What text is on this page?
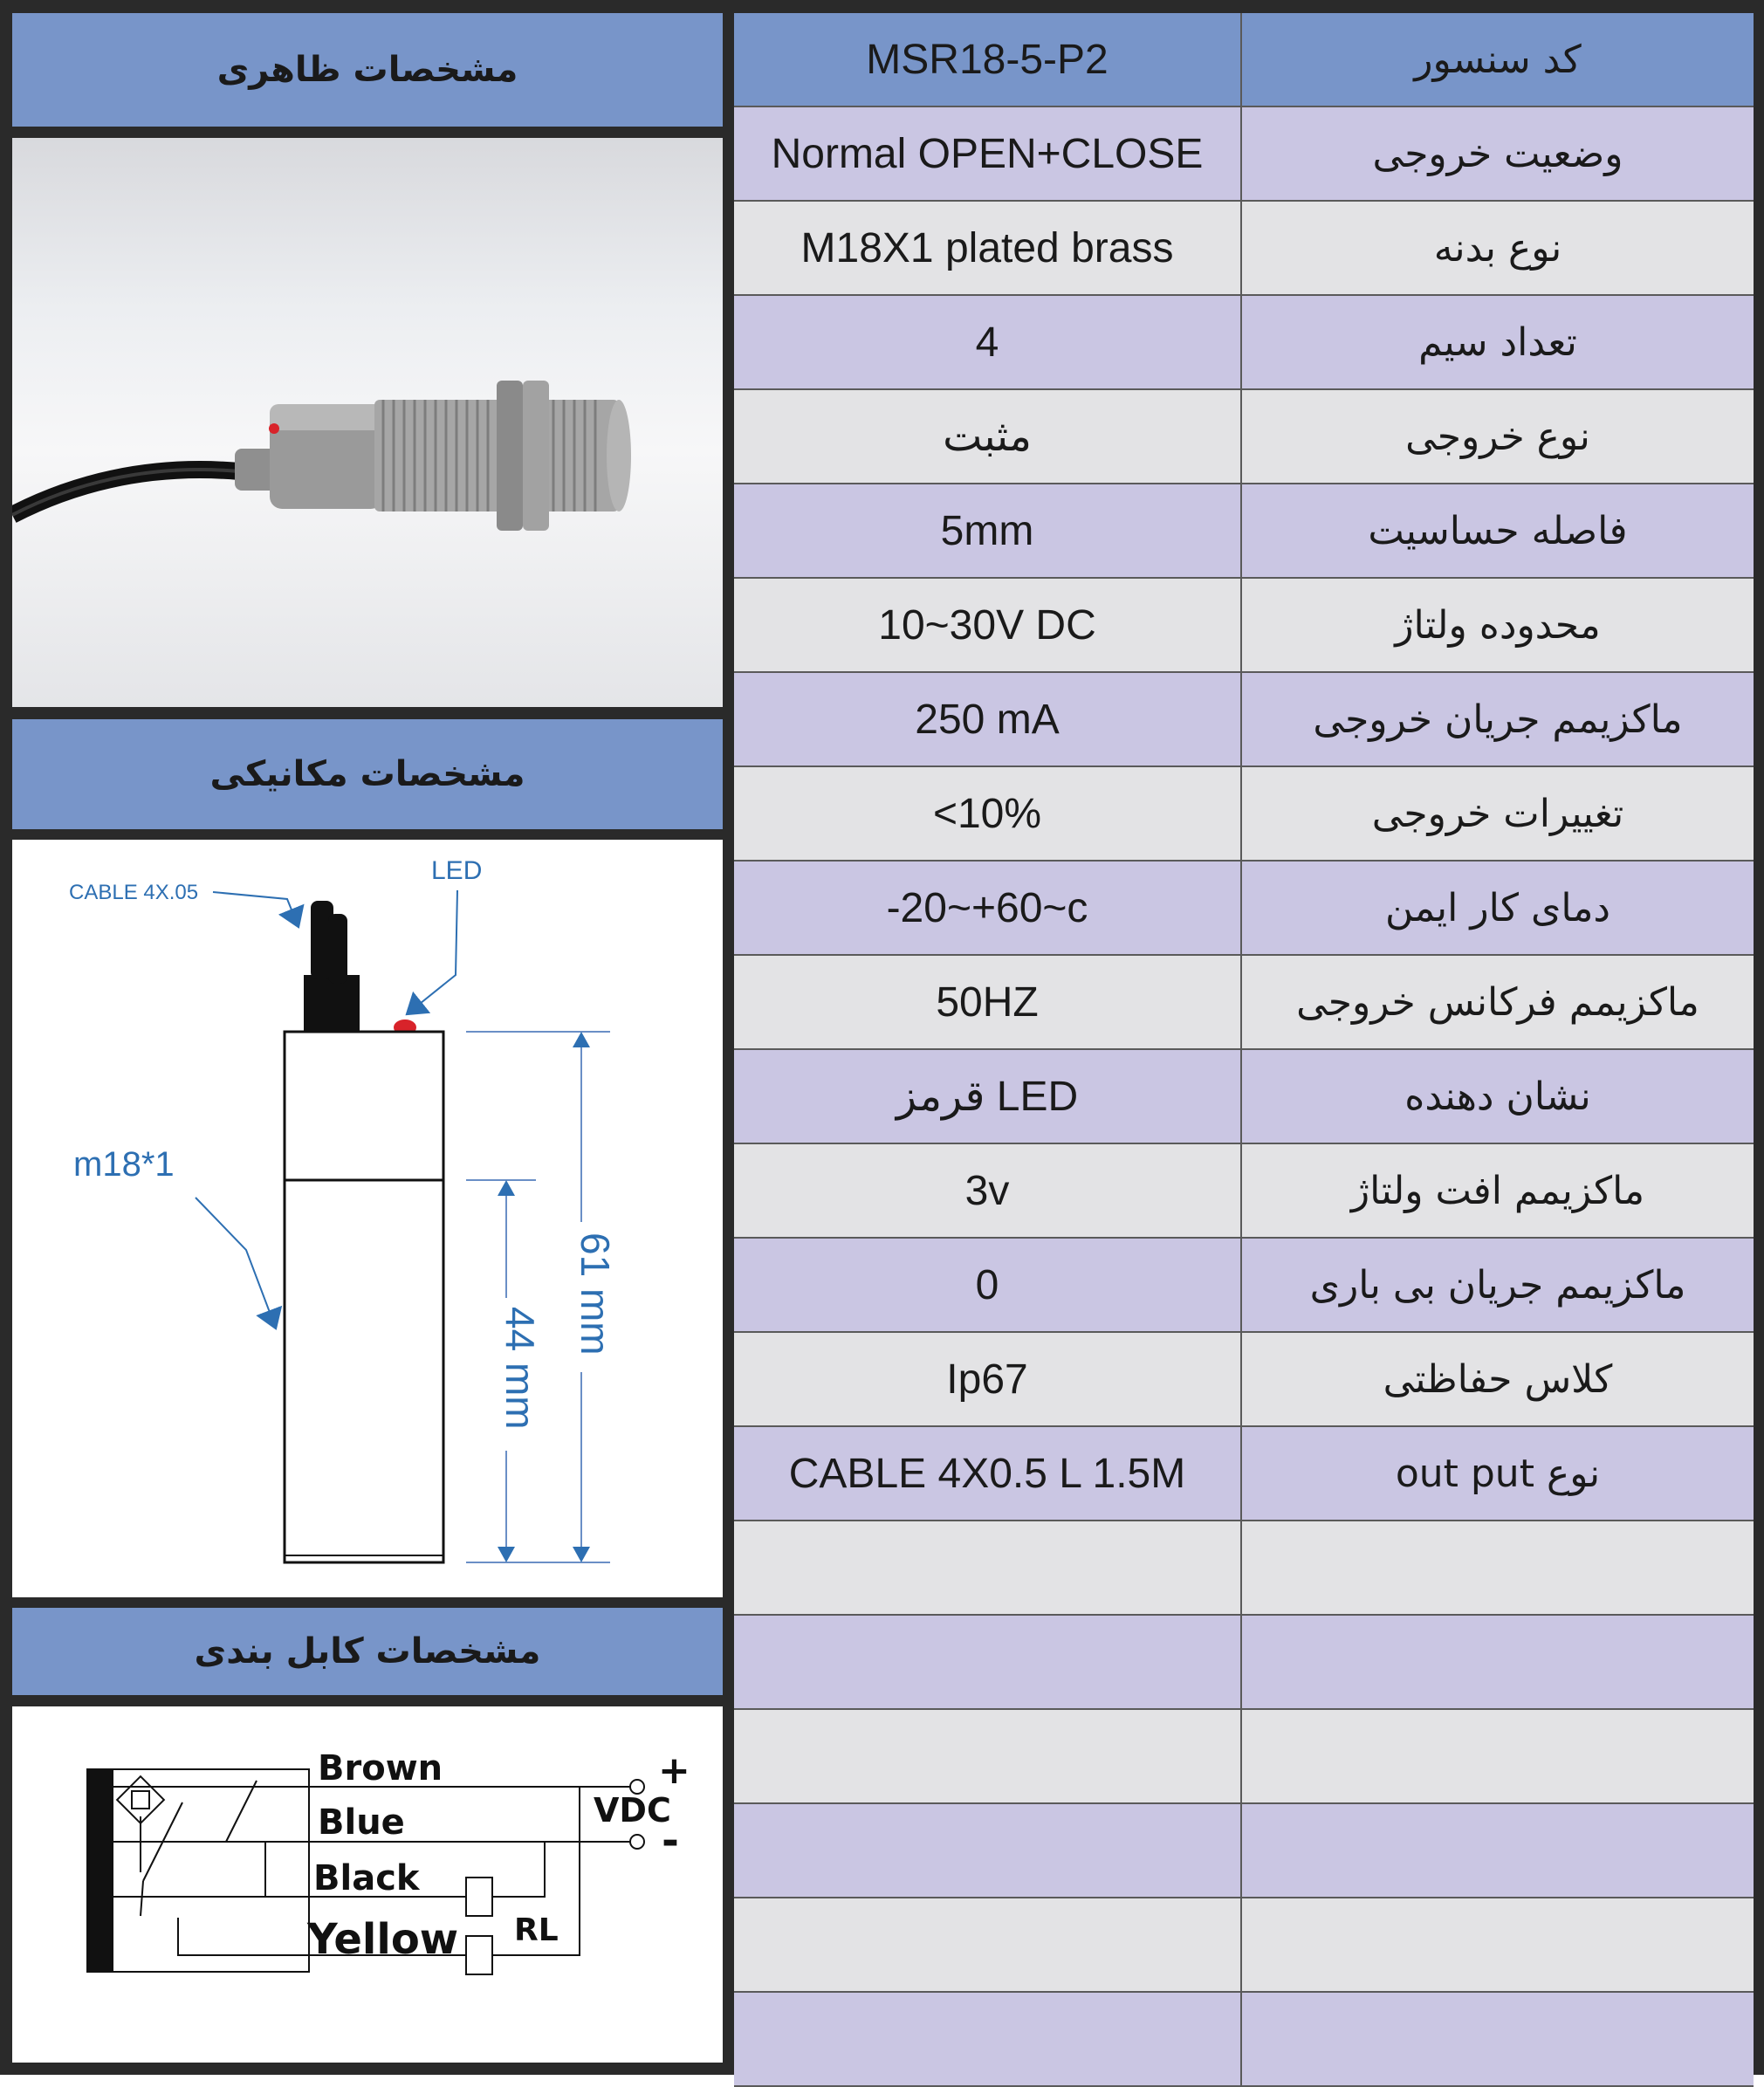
مشخصات ظاهری
مشخصات مکانیکی
CABLE 4X.05
LED
m18*1
61 mm
44 mm
مشخصات کابل بندی
Brown
Blue
Black
Yellow
VDC
+
-
RL
MSR18-5-P2	کد سنسور
Normal OPEN+CLOSE	وضعیت خروجی
M18X1 plated brass	نوع بدنه
4	تعداد سیم
مثبت	نوع خروجی
5mm	فاصله حساسیت
10~30V DC	محدوده ولتاژ
250 mA	ماکزیمم جریان خروجی
<10%	تغییرات خروجی
-20~+60~c	دمای کار ایمن
50HZ	ماکزیمم فرکانس خروجی
قرمز LED	نشان دهنده
3v	ماکزیمم افت ولتاژ
0	ماکزیمم جریان بی باری
Ip67	کلاس حفاظتی
CABLE 4X0.5 L 1.5M	نوع out put
